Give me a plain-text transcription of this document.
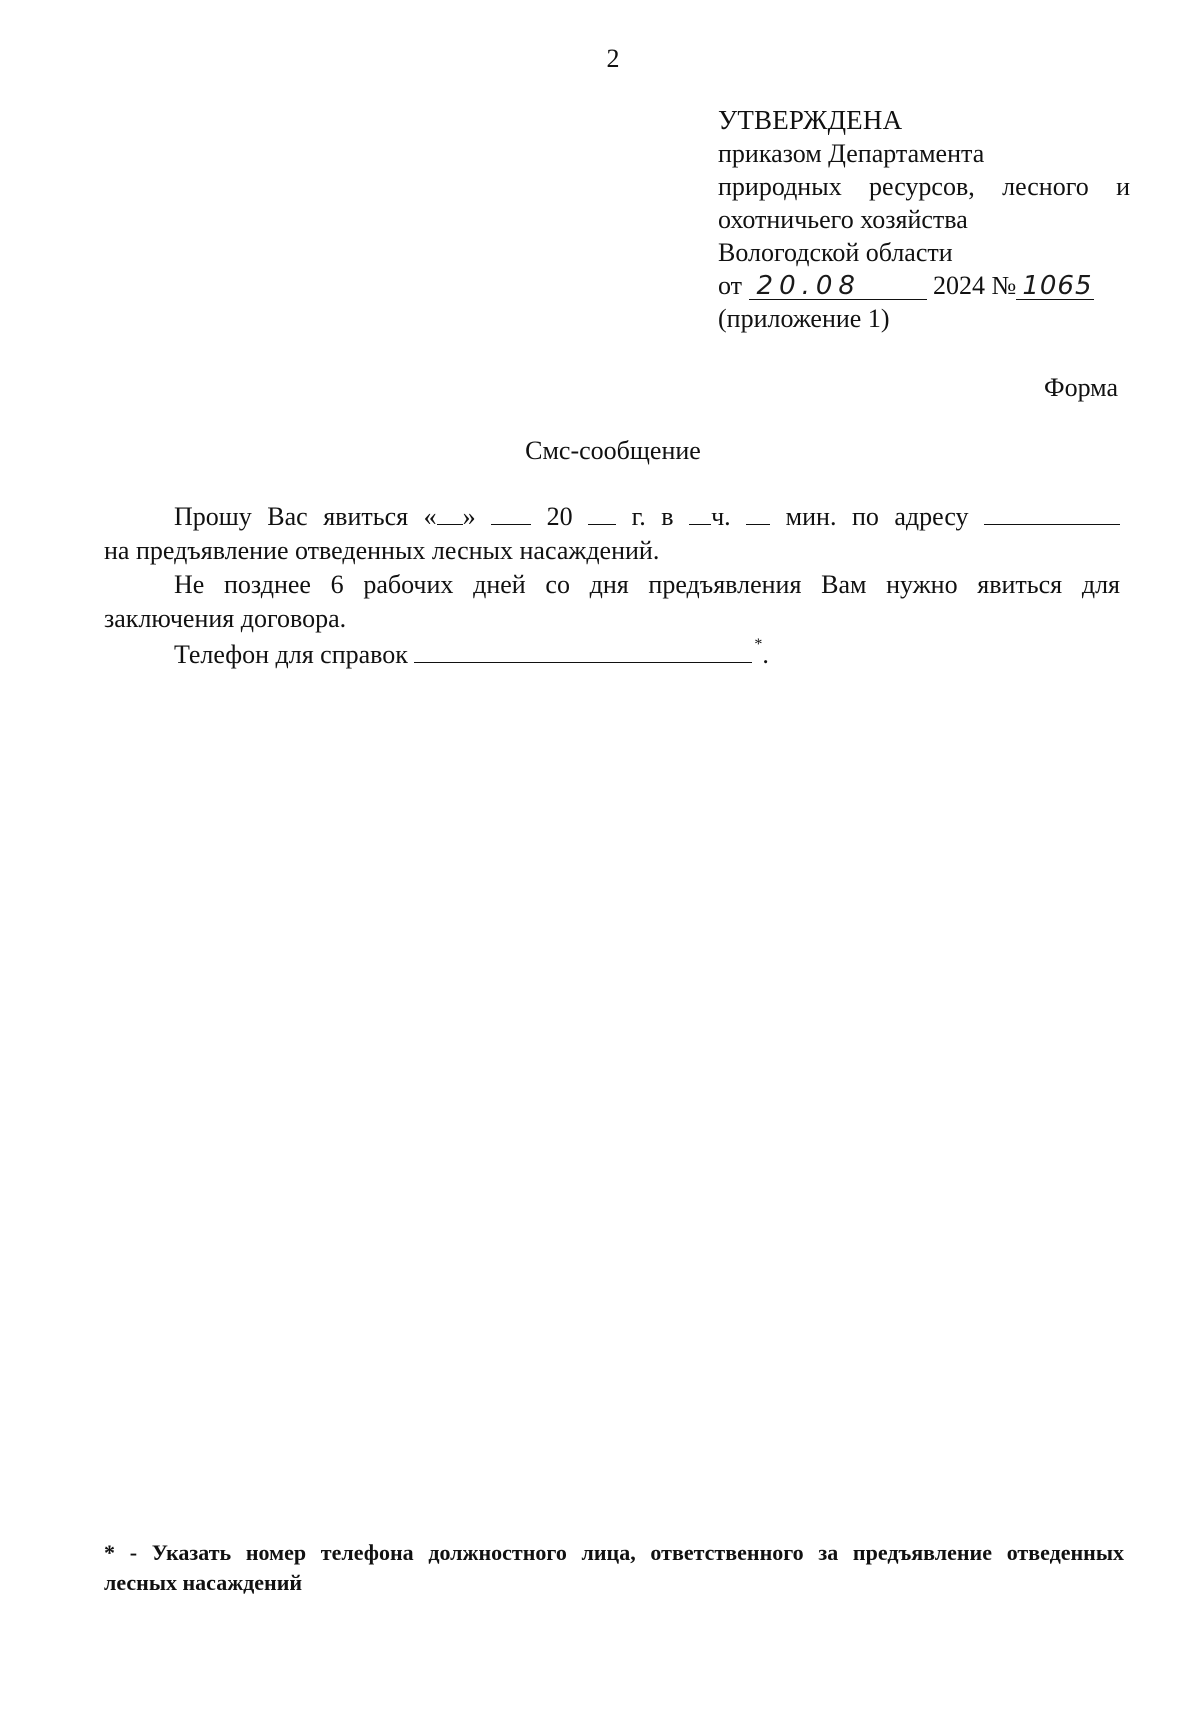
2
УТВЕРЖДЕНА
приказом Департамента
природных ресурсов, лесного и
охотничьего хозяйства
Вологодской области
от 20.08	2024 № 1065
(приложение 1)
Форма
Смс-сообщение

Прошу Вас явиться « »	20 г. в ч. мин. по адресу

на предъявление отведенных лесных насаждений.

Не позднее 6 рабочих дней со дня предъявления Вам нужно явиться для

заключения договора.

Телефон для справок	*.

* - Указать номер телефона должностного лица, ответственного за предъявление отведенных
лесных насаждений
